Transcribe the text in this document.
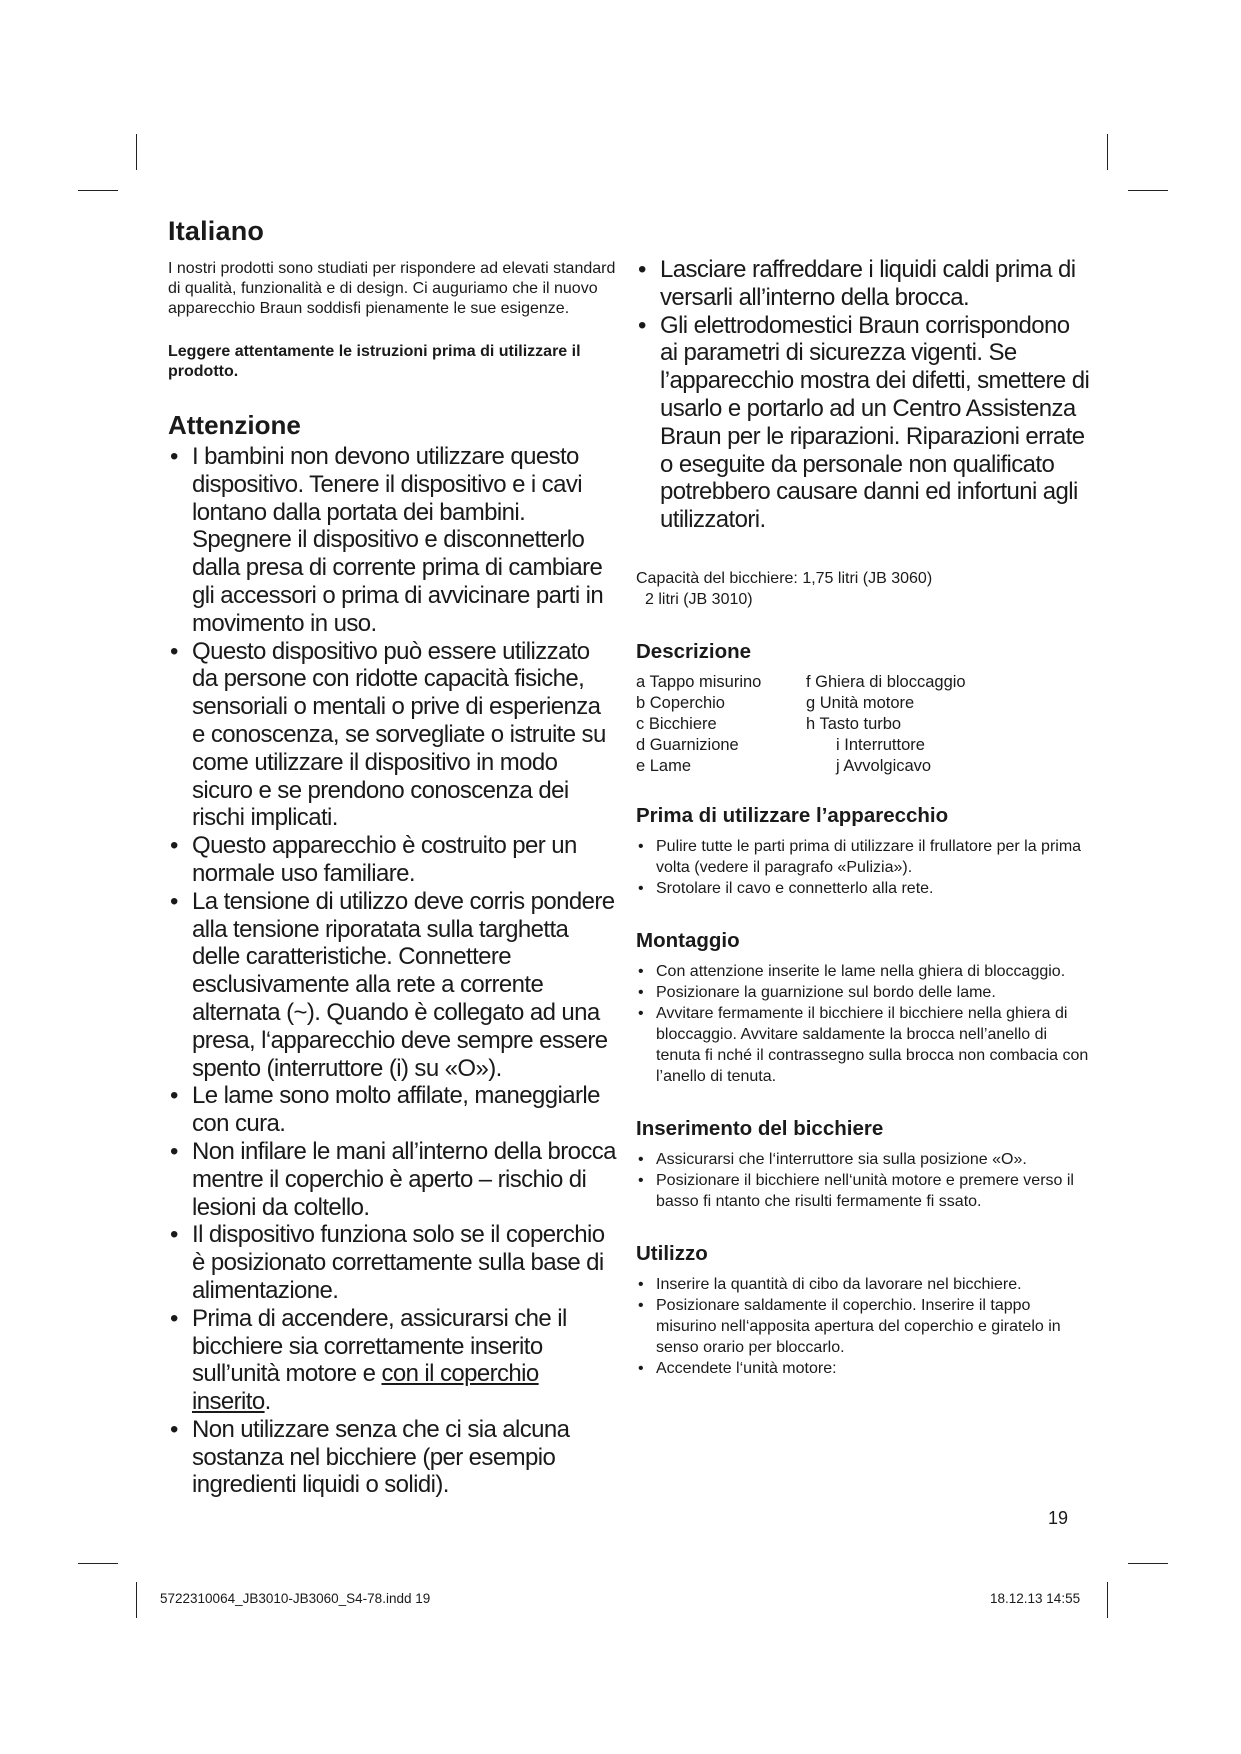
Italiano

I nostri prodotti sono studiati per rispondere ad elevati standard di qualità, funzionalità e di design. Ci auguriamo che il nuovo apparecchio Braun soddisfi pienamente le sue esigenze.

Leggere attentamente le istruzioni prima di utilizzare il prodotto.

Attenzione
• I bambini non devono utilizzare questo dispositivo. Tenere il dispositivo e i cavi lontano dalla portata dei bambini. Spegnere il dispositivo e disconnetterlo dalla presa di corrente prima di cambiare gli accessori o prima di avvicinare parti in movimento in uso.
• Questo dispositivo può essere utilizzato da persone con ridotte capacità fisiche, sensoriali o mentali o prive di esperienza e conoscenza, se sorvegliate o istruite su come utilizzare il dispositivo in modo sicuro e se prendono conoscenza dei rischi implicati.
• Questo apparecchio è costruito per un normale uso familiare.
• La tensione di utilizzo deve corris pondere alla tensione riporatata sulla targhetta delle caratteristiche. Connettere esclusivamente alla rete a corrente alternata (~). Quando è collegato ad una presa, l‘apparecchio deve sempre essere spento (interruttore (i) su «O»).
• Le lame sono molto affilate, maneggiarle con cura.
• Non infilare le mani all’interno della brocca mentre il coperchio è aperto – rischio di lesioni da coltello.
• Il dispositivo funziona solo se il coperchio è posizionato correttamente sulla base di alimentazione.
• Prima di accendere, assicurarsi che il bicchiere sia correttamente inserito sull’unità motore e con il coperchio inserito.
• Non utilizzare senza che ci sia alcuna sostanza nel bicchiere (per esempio ingredienti liquidi o solidi).
• Lasciare raffreddare i liquidi caldi prima di versarli all’interno della brocca.
• Gli elettrodomestici Braun corrispondono ai parametri di sicurezza vigenti. Se l’apparecchio mostra dei difetti, smettere di usarlo e portarlo ad un Centro Assistenza Braun per le riparazioni. Riparazioni errate o eseguite da personale non qualificato potrebbero causare danni ed infortuni agli utilizzatori.
Capacità del bicchiere: 1,75 litri (JB 3060)
2 litri (JB 3010)
Descrizione
a Tappo misurino	f Ghiera di bloccaggio
b Coperchio	g Unità motore
c Bicchiere	h Tasto turbo
d Guarnizione	i Interruttore
e Lame	j Avvolgicavo
Prima di utilizzare l’apparecchio
• Pulire tutte le parti prima di utilizzare il frullatore per la prima volta (vedere il paragrafo «Pulizia»).
• Srotolare il cavo e connetterlo alla rete.
Montaggio
• Con attenzione inserite le lame nella ghiera di bloccaggio.
• Posizionare la guarnizione sul bordo delle lame.
• Avvitare fermamente il bicchiere il bicchiere nella ghiera di bloccaggio. Avvitare saldamente la brocca nell’anello di tenuta fi nché il contrassegno sulla brocca non combacia con l’anello di tenuta.
Inserimento del bicchiere
• Assicurarsi che l‘interruttore sia sulla posizione «O».
• Posizionare il bicchiere nell‘unità motore e premere verso il basso fi ntanto che risulti fermamente fi ssato.
Utilizzo
• Inserire la quantità di cibo da lavorare nel bicchiere.
• Posizionare saldamente il coperchio. Inserire il tappo misurino nell‘apposita apertura del coperchio e giratelo in senso orario per bloccarlo.
• Accendete l‘unità motore:
19
5722310064_JB3010-JB3060_S4-78.indd 19	18.12.13 14:55
